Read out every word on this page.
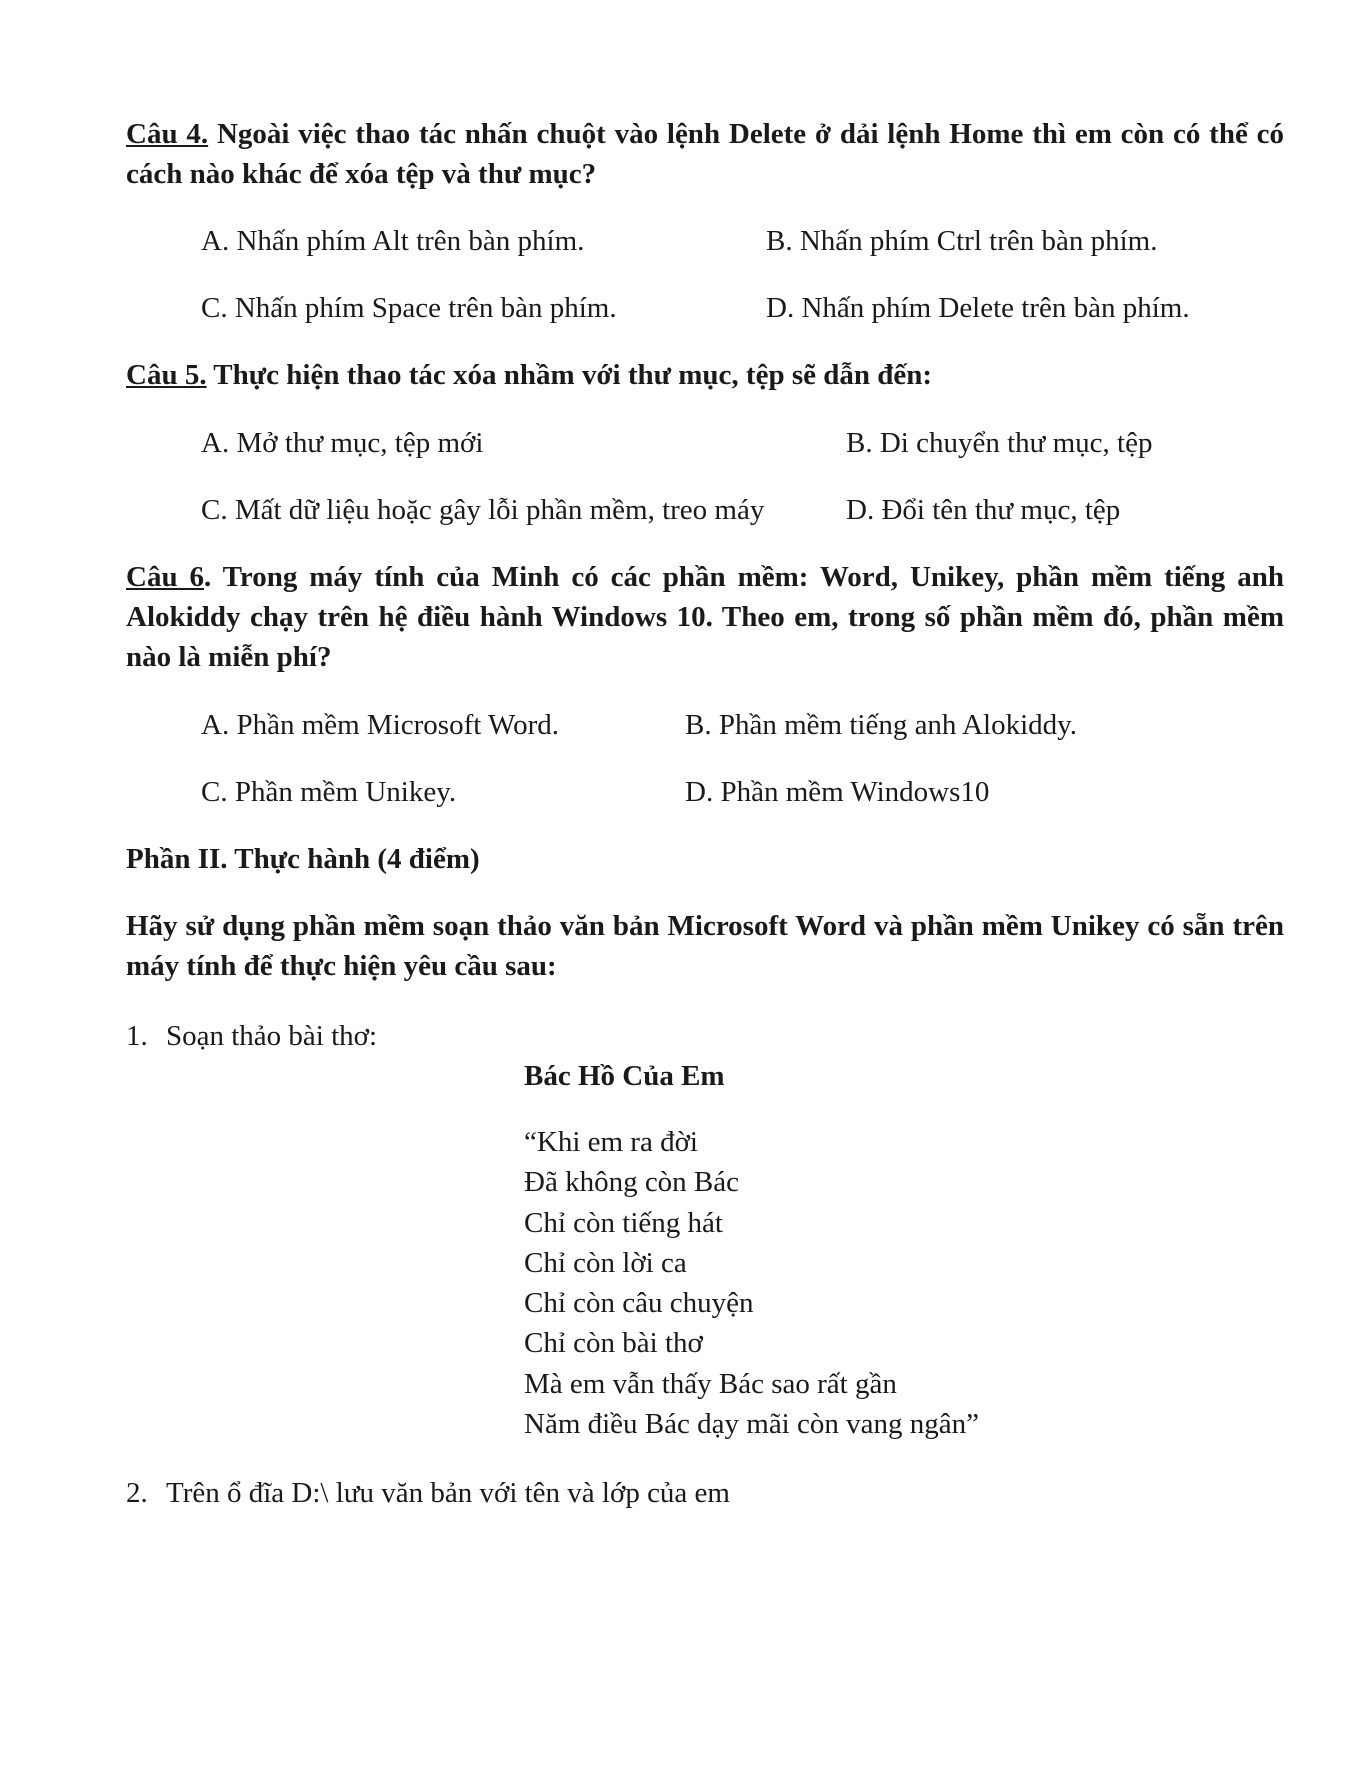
Câu 4. Ngoài việc thao tác nhấn chuột vào lệnh Delete ở dải lệnh Home thì em còn có thể có cách nào khác để xóa tệp và thư mục?
A. Nhấn phím Alt trên bàn phím.	B. Nhấn phím Ctrl trên bàn phím.
C. Nhấn phím Space trên bàn phím.	D. Nhấn phím Delete trên bàn phím.
Câu 5. Thực hiện thao tác xóa nhầm với thư mục, tệp sẽ dẫn đến:
A. Mở thư mục, tệp mới	B. Di chuyển thư mục, tệp
C. Mất dữ liệu hoặc gây lỗi phần mềm, treo máy	D. Đổi tên thư mục, tệp
Câu 6. Trong máy tính của Minh có các phần mềm: Word, Unikey, phần mềm tiếng anh Alokiddy chạy trên hệ điều hành Windows 10. Theo em, trong số phần mềm đó, phần mềm nào là miễn phí?
A. Phần mềm Microsoft Word.	B. Phần mềm tiếng anh Alokiddy.
C. Phần mềm Unikey.	D. Phần mềm Windows10
Phần II. Thực hành (4 điểm)
Hãy sử dụng phần mềm soạn thảo văn bản Microsoft Word và phần mềm Unikey có sẵn trên máy tính để thực hiện yêu cầu sau:
1. Soạn thảo bài thơ:
Bác Hồ Của Em
“Khi em ra đời
Đã không còn Bác
Chỉ còn tiếng hát
Chỉ còn lời ca
Chỉ còn câu chuyện
Chỉ còn bài thơ
Mà em vẫn thấy Bác sao rất gần
Năm điều Bác dạy mãi còn vang ngân”
2. Trên ổ đĩa D:\ lưu văn bản với tên và lớp của em
